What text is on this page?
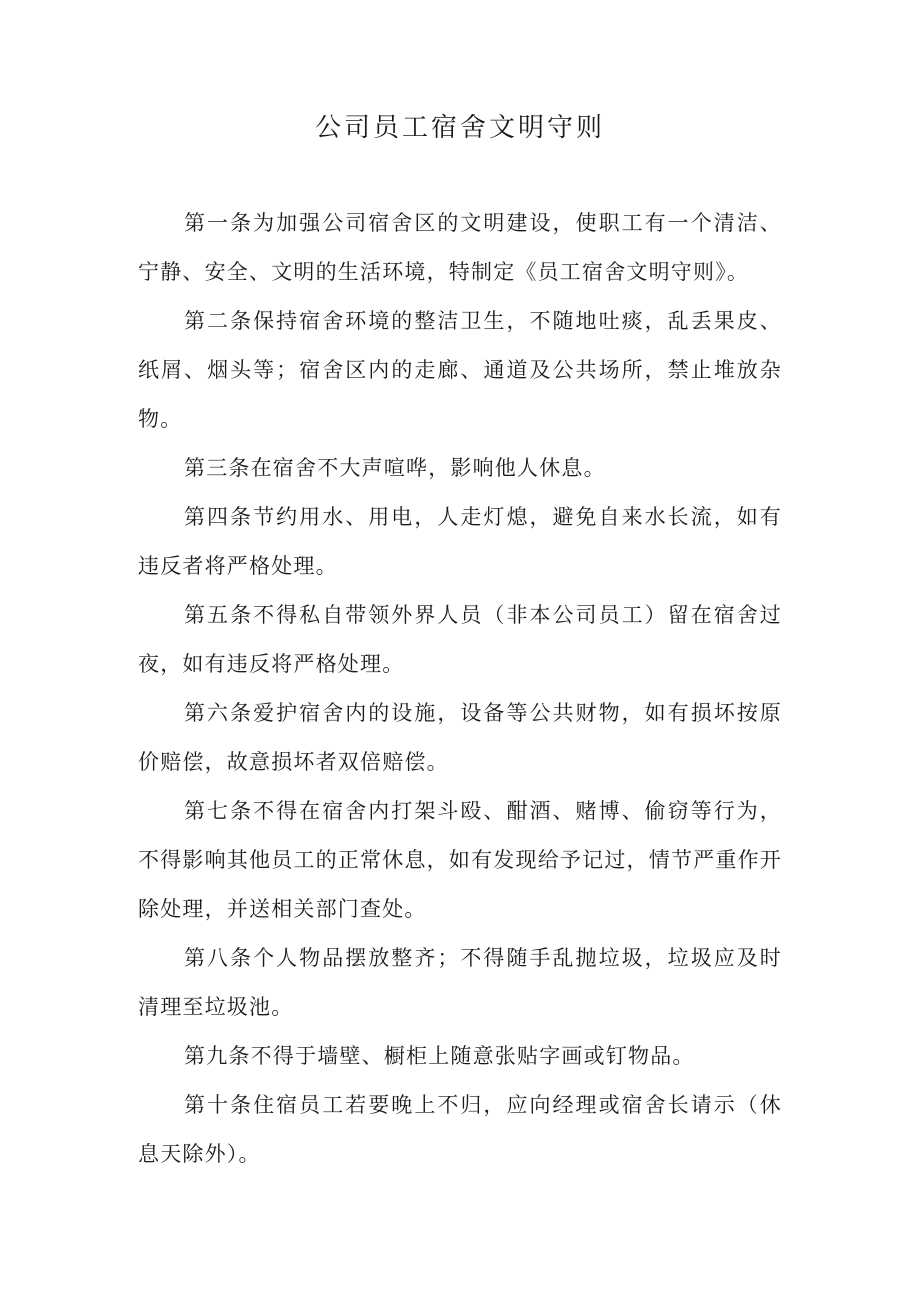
公司员工宿舍文明守则

第一条为加强公司宿舍区的文明建设，使职工有一个清洁、宁静、安全、文明的生活环境，特制定《员工宿舍文明守则》。

第二条保持宿舍环境的整洁卫生，不随地吐痰，乱丢果皮、纸屑、烟头等；宿舍区内的走廊、通道及公共场所，禁止堆放杂物。

第三条在宿舍不大声喧哗，影响他人休息。

第四条节约用水、用电，人走灯熄，避免自来水长流，如有违反者将严格处理。

第五条不得私自带领外界人员（非本公司员工）留在宿舍过夜，如有违反将严格处理。

第六条爱护宿舍内的设施，设备等公共财物，如有损坏按原价赔偿，故意损坏者双倍赔偿。

第七条不得在宿舍内打架斗殴、酣酒、赌博、偷窃等行为，不得影响其他员工的正常休息，如有发现给予记过，情节严重作开除处理，并送相关部门查处。

第八条个人物品摆放整齐；不得随手乱抛垃圾，垃圾应及时清理至垃圾池。

第九条不得于墙壁、橱柜上随意张贴字画或钉物品。

第十条住宿员工若要晚上不归，应向经理或宿舍长请示（休息天除外）。
